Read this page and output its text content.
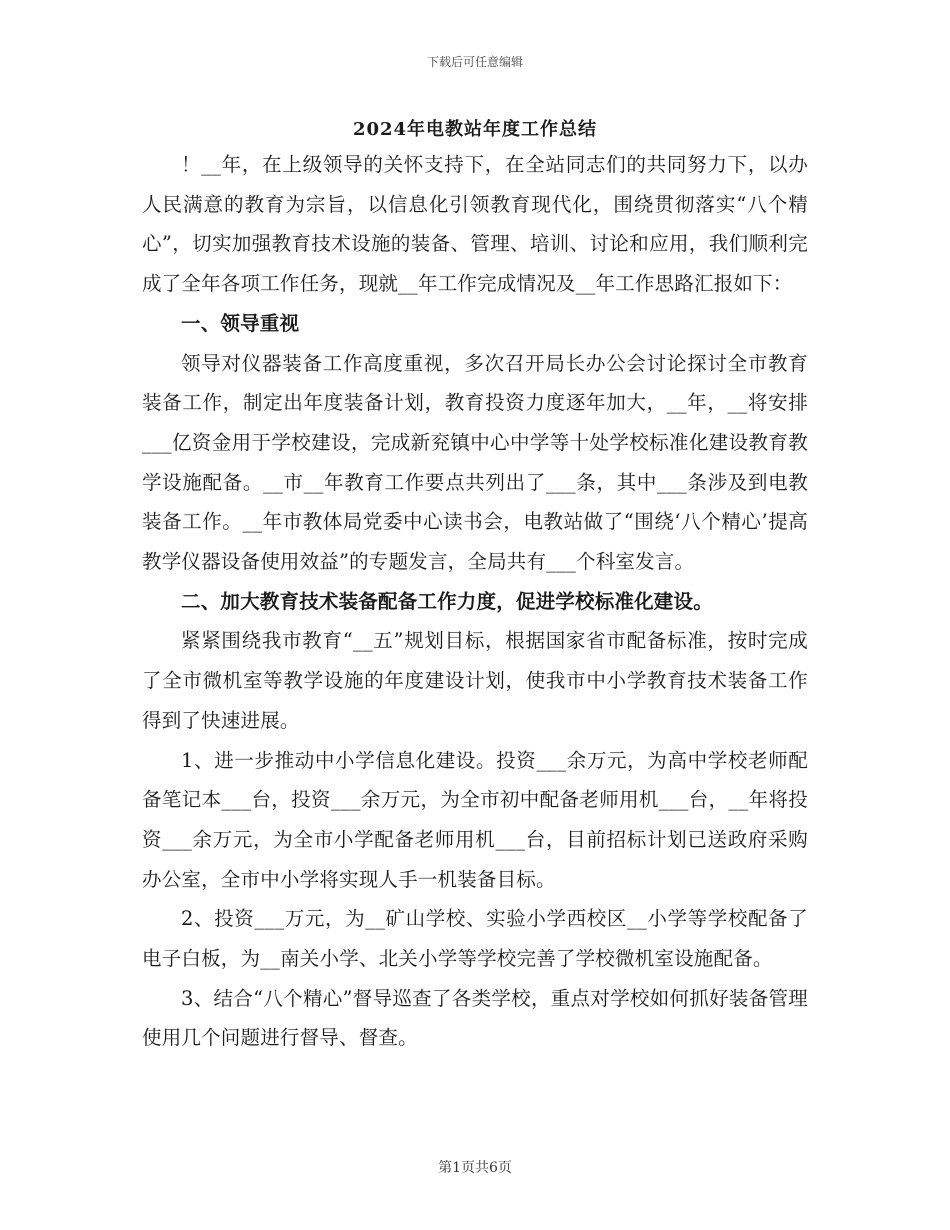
下载后可任意编辑
2024年电教站年度工作总结

！__年，在上级领导的关怀支持下，在全站同志们的共同努力下，以办人民满意的教育为宗旨，以信息化引领教育现代化，围绕贯彻落实“八个精心”，切实加强教育技术设施的装备、管理、培训、讨论和应用，我们顺利完成了全年各项工作任务，现就__年工作完成情况及__年工作思路汇报如下：

一、领导重视

领导对仪器装备工作高度重视，多次召开局长办公会讨论探讨全市教育装备工作，制定出年度装备计划，教育投资力度逐年加大，__年，__将安排___亿资金用于学校建设，完成新兖镇中心中学等十处学校标准化建设教育教学设施配备。__市__年教育工作要点共列出了___条，其中___条涉及到电教装备工作。__年市教体局党委中心读书会，电教站做了“围绕‘八个精心’提高教学仪器设备使用效益”的专题发言，全局共有___个科室发言。

二、加大教育技术装备配备工作力度，促进学校标准化建设。

紧紧围绕我市教育“__五”规划目标，根据国家省市配备标准，按时完成了全市微机室等教学设施的年度建设计划，使我市中小学教育技术装备工作得到了快速进展。

1、进一步推动中小学信息化建设。投资___余万元，为高中学校老师配备笔记本___台，投资___余万元，为全市初中配备老师用机___台，__年将投资___余万元，为全市小学配备老师用机___台，目前招标计划已送政府采购办公室，全市中小学将实现人手一机装备目标。

2、投资___万元，为__矿山学校、实验小学西校区__小学等学校配备了电子白板，为__南关小学、北关小学等学校完善了学校微机室设施配备。

3、结合“八个精心”督导巡查了各类学校，重点对学校如何抓好装备管理使用几个问题进行督导、督查。

第1页共6页
